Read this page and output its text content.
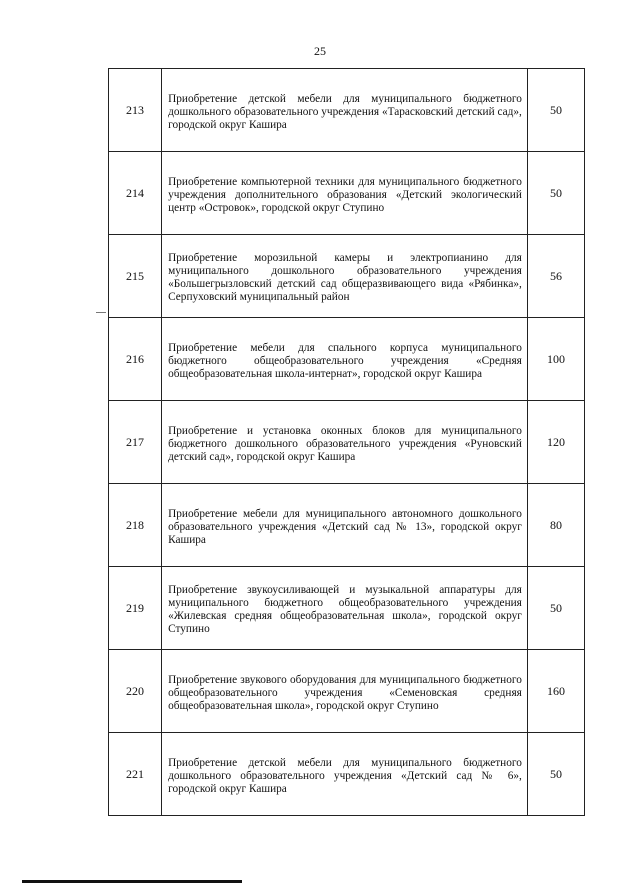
25
213	Приобретение детской мебели для муниципального бюджетного дошкольного образовательного учреждения «Тарасковский детский сад», городской округ Кашира	50
214	Приобретение компьютерной техники для муниципального бюджетного учреждения дополнительного образования «Детский экологический центр «Островок», городской округ Ступино	50
215	Приобретение морозильной камеры и электропианино для муниципального дошкольного образовательного учреждения «Большегрызловский детский сад общеразвивающего вида «Рябинка», Серпуховский муниципальный район	56
216	Приобретение мебели для спального корпуса муниципального бюджетного общеобразовательного учреждения «Средняя общеобразовательная школа-интернат», городской округ Кашира	100
217	Приобретение и установка оконных блоков для муниципального бюджетного дошкольного образовательного учреждения «Руновский детский сад», городской округ Кашира	120
218	Приобретение мебели для муниципального автономного дошкольного образовательного учреждения «Детский сад № 13», городской округ Кашира	80
219	Приобретение звукоусиливающей и музыкальной аппаратуры для муниципального бюджетного общеобразовательного учреждения «Жилевская средняя общеобразовательная школа», городской округ Ступино	50
220	Приобретение звукового оборудования для муниципального бюджетного общеобразовательного учреждения «Семеновская средняя общеобразовательная школа», городской округ Ступино	160
221	Приобретение детской мебели для муниципального бюджетного дошкольного образовательного учреждения «Детский сад № 6», городской округ Кашира	50
